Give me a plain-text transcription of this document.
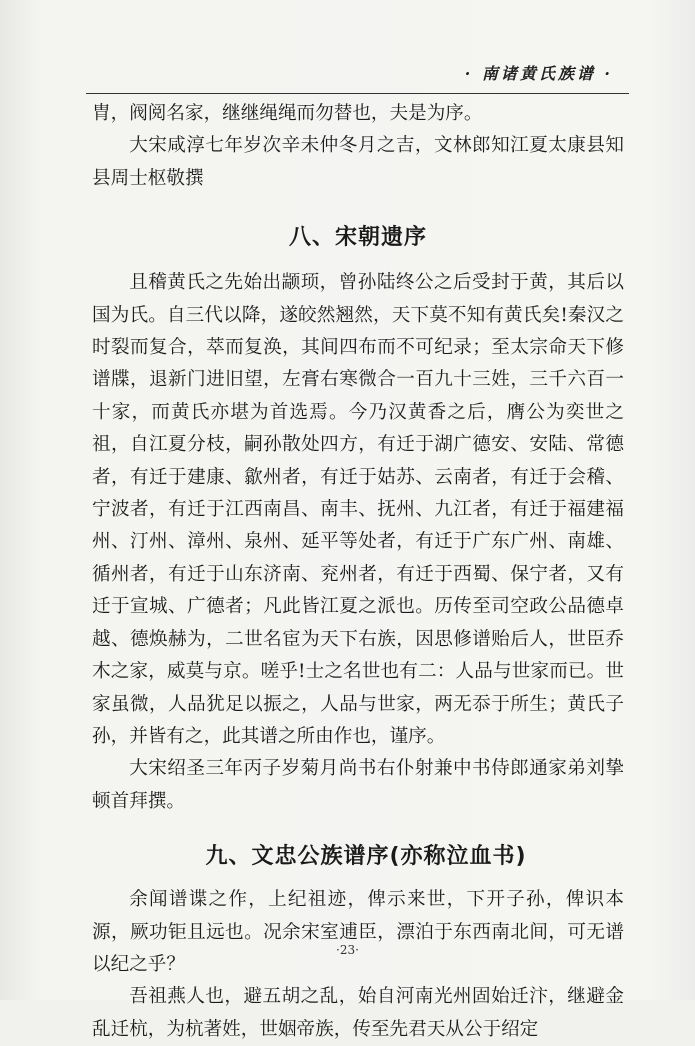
· 南诸黄氏族谱 ·

胄，阀阅名家，继继绳绳而勿替也，夫是为序。

大宋咸淳七年岁次辛未仲冬月之吉，文林郎知江夏太康县知县周士枢敬撰

八、宋朝遗序

且稽黄氏之先始出颛顼，曾孙陆终公之后受封于黄，其后以国为氏。自三代以降，遂皎然翘然，天下莫不知有黄氏矣!秦汉之时裂而复合，萃而复涣，其间四布而不可纪录；至太宗命天下修谱牒，退新门进旧望，左膏右寒微合一百九十三姓，三千六百一十家，而黄氏亦堪为首选焉。今乃汉黄香之后，膺公为奕世之祖，自江夏分枝，嗣孙散处四方，有迁于湖广德安、安陆、常德者，有迁于建康、歙州者，有迁于姑苏、云南者，有迁于会稽、宁波者，有迁于江西南昌、南丰、抚州、九江者，有迁于福建福州、汀州、漳州、泉州、延平等处者，有迁于广东广州、南雄、循州者，有迁于山东济南、兖州者，有迁于西蜀、保宁者，又有迁于宣城、广德者；凡此皆江夏之派也。历传至司空政公品德卓越、德焕赫为，二世名宦为天下右族，因思修谱贻后人，世臣乔木之家，威莫与京。嗟乎!士之名世也有二：人品与世家而已。世家虽微，人品犹足以振之，人品与世家，两无忝于所生；黄氏子孙，并皆有之，此其谱之所由作也，谨序。

大宋绍圣三年丙子岁菊月尚书右仆射兼中书侍郎通家弟刘挚顿首拜撰。

九、文忠公族谱序(亦称泣血书)

余闻谱谍之作，上纪祖迹，俾示来世，下开子孙，俾识本源，厥功钜且远也。况余宋室逋臣，漂泊于东西南北间，可无谱以纪之乎？

吾祖燕人也，避五胡之乱，始自河南光州固始迁汴，继避金乱迁杭，为杭著姓，世姻帝族，传至先君天从公于绍定

·23·
